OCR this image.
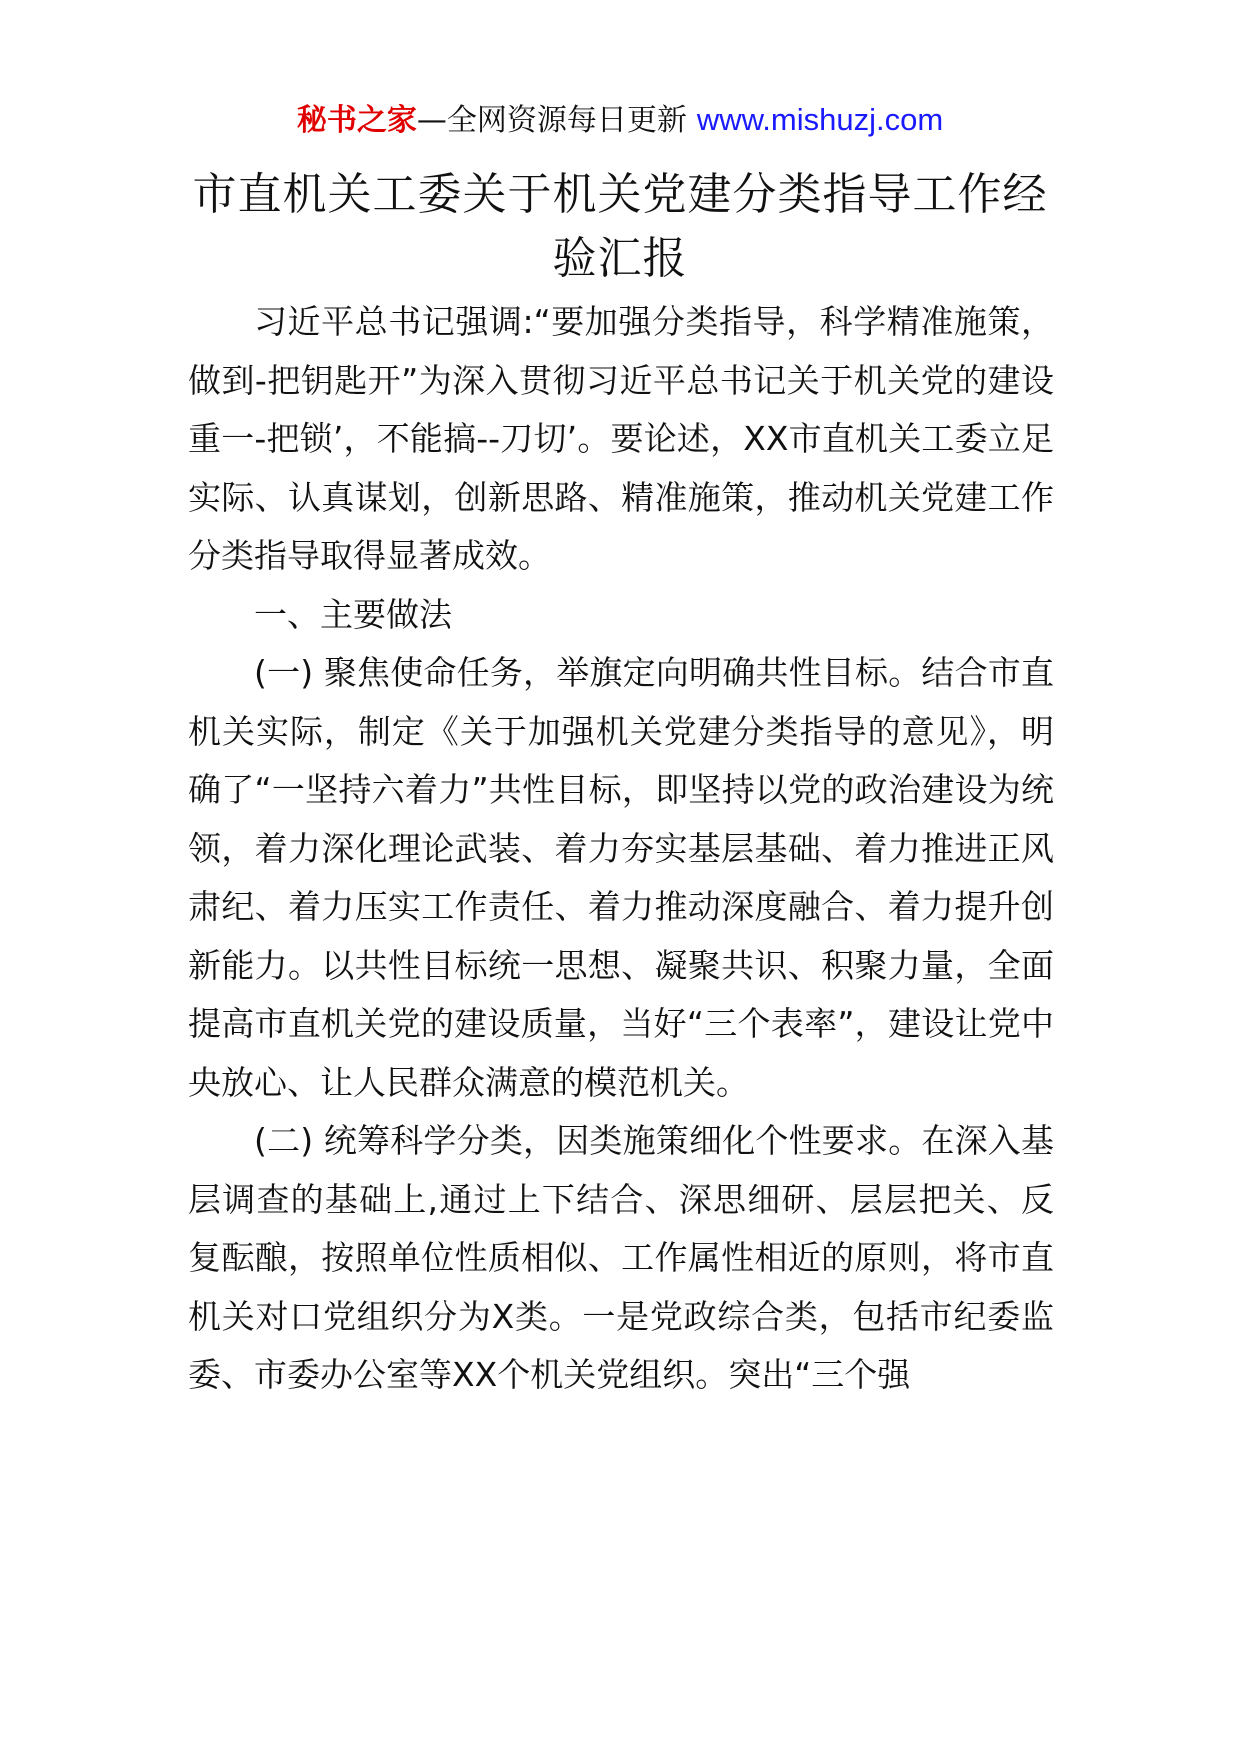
秘书之家—全网资源每日更新 www.mishuzj.com
市直机关工委关于机关党建分类指导工作经验汇报

习近平总书记强调:“要加强分类指导，科学精准施策，做到-把钥匙开”为深入贯彻习近平总书记关于机关党的建设重一-把锁’，不能搞--刀切’。要论述，XX市直机关工委立足实际、认真谋划，创新思路、精准施策，推动机关党建工作分类指导取得显著成效。

一、主要做法

(一) 聚焦使命任务，举旗定向明确共性目标。结合市直机关实际，制定《关于加强机关党建分类指导的意见》，明确了“一坚持六着力”共性目标，即坚持以党的政治建设为统领，着力深化理论武装、着力夯实基层基础、着力推进正风肃纪、着力压实工作责任、着力推动深度融合、着力提升创新能力。以共性目标统一思想、凝聚共识、积聚力量，全面提高市直机关党的建设质量，当好“三个表率”，建设让党中央放心、让人民群众满意的模范机关。

(二) 统筹科学分类，因类施策细化个性要求。在深入基层调查的基础上,通过上下结合、深思细研、层层把关、反复酝酿，按照单位性质相似、工作属性相近的原则，将市直机关对口党组织分为X类。一是党政综合类，包括市纪委监委、市委办公室等XX个机关党组织。突出“三个强
